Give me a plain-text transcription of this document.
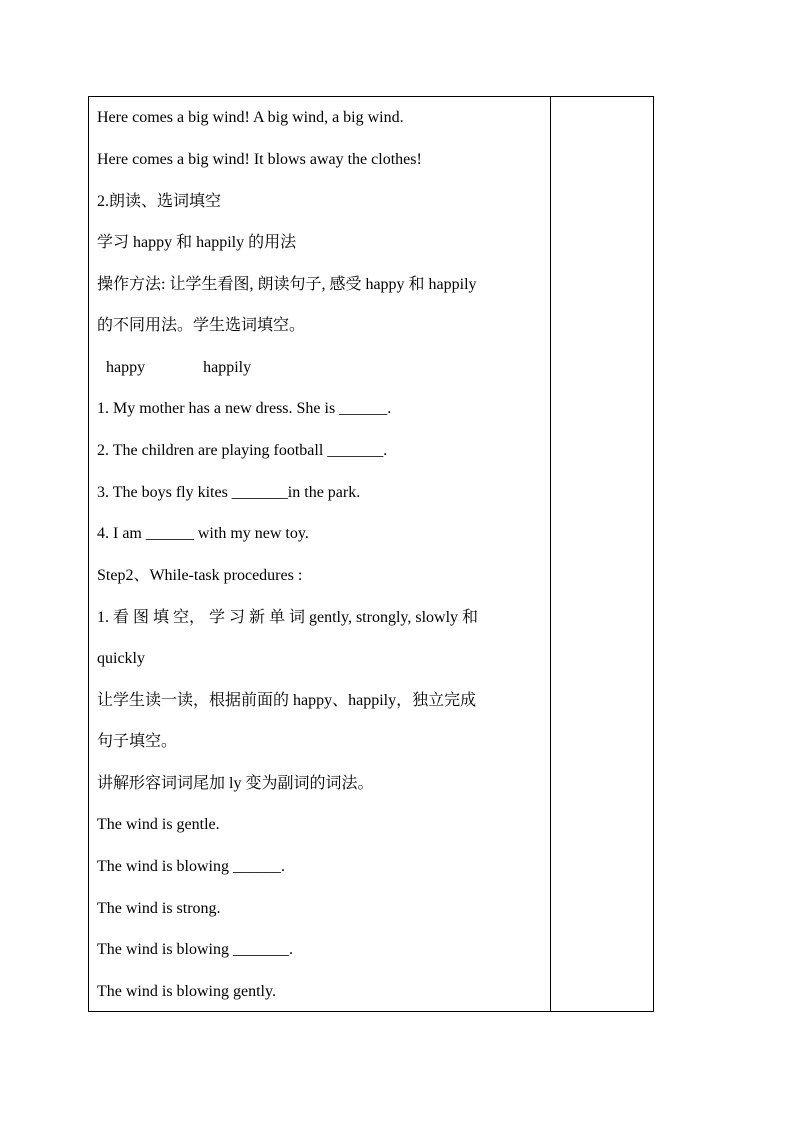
Here comes a big wind! A big wind, a big wind.
Here comes a big wind! It blows away the clothes!
2.朗读、选词填空
学习 happy 和 happily 的用法
操作方法: 让学生看图, 朗读句子, 感受 happy 和 happily
的不同用法。学生选词填空。
happy	happily
1. My mother has a new dress. She is ______.
2. The children are playing football _______.
3. The boys fly kites _______in the park.
4. I am ______ with my new toy.
Step2、While-task procedures :
1. 看 图 填 空， 学 习 新 单 词 gently, strongly, slowly 和
quickly
让学生读一读，根据前面的 happy、happily，独立完成
句子填空。
讲解形容词词尾加 ly 变为副词的词法。
The wind is gentle.
The wind is blowing ______.
The wind is strong.
The wind is blowing _______.
The wind is blowing gently.
